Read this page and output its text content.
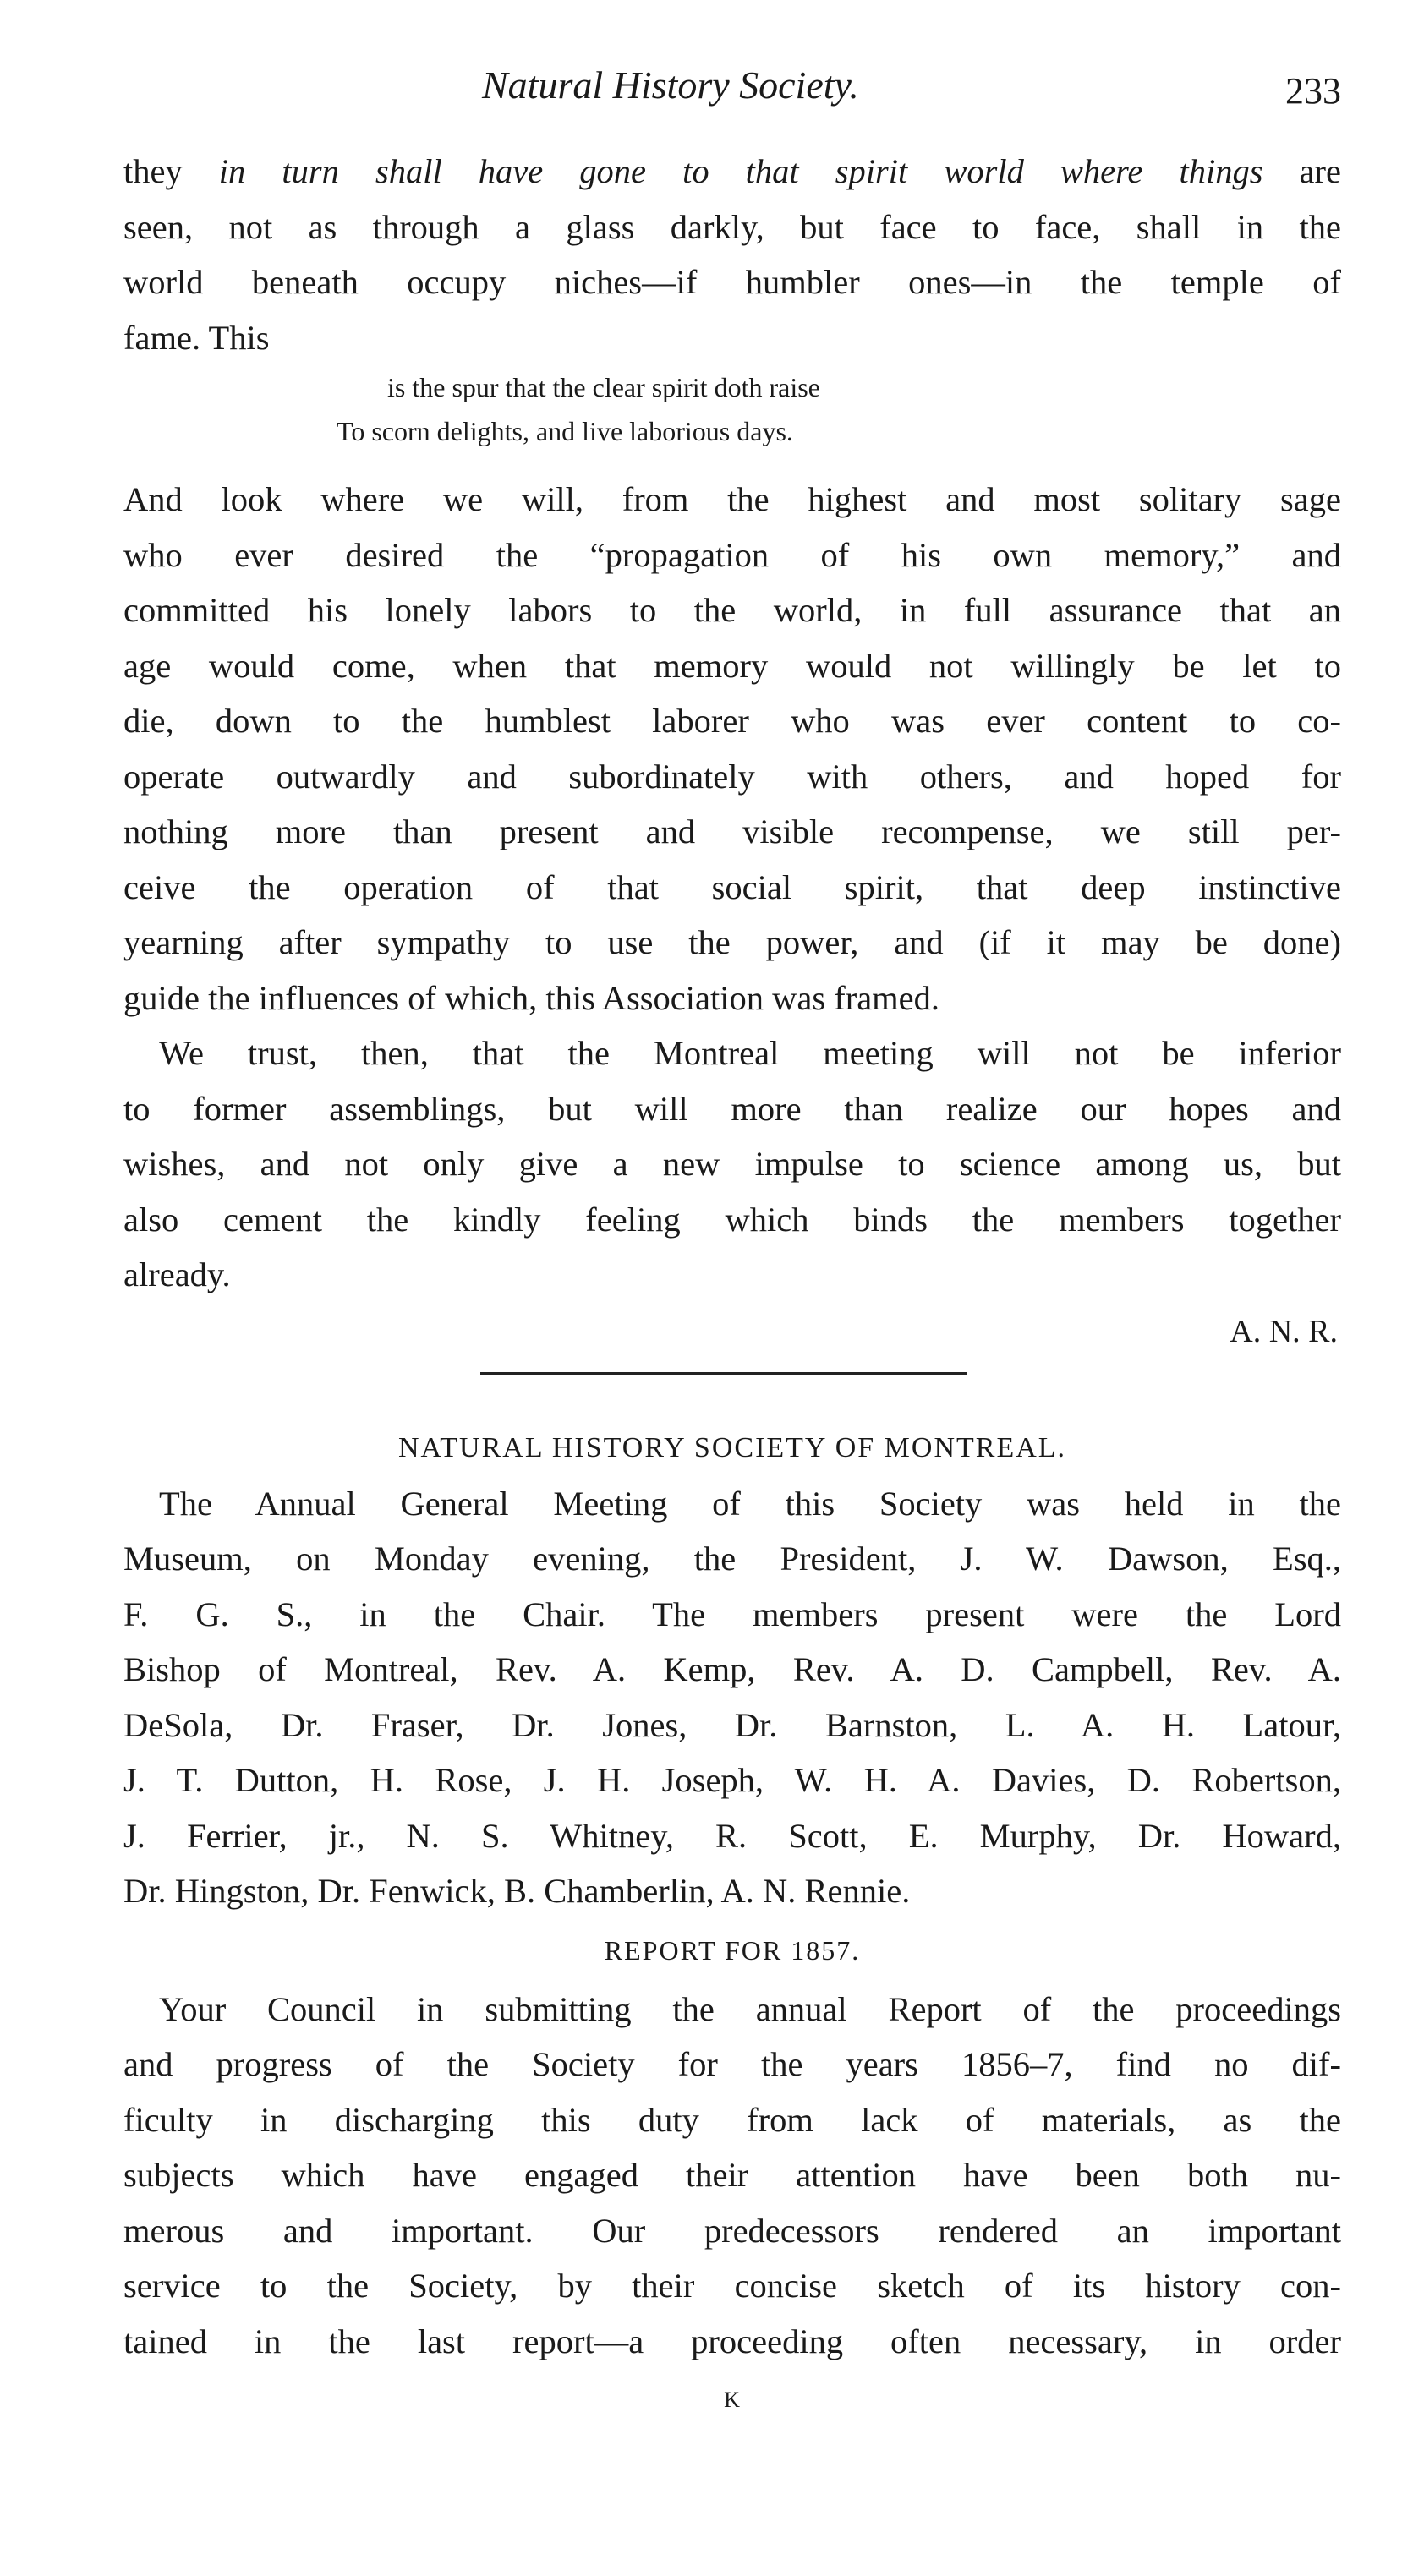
Natural History Society.	233
they in turn shall have gone to that spirit world where things are
seen, not as through a glass darkly, but face to face, shall in the
world beneath occupy niches—if humbler ones—in the temple of
fame. This
is the spur that the clear spirit doth raise
To scorn delights, and live laborious days.
And look where we will, from the highest and most solitary sage
who ever desired the “propagation of his own memory,” and
committed his lonely labors to the world, in full assurance that an
age would come, when that memory would not willingly be let to
die, down to the humblest laborer who was ever content to co-
operate outwardly and subordinately with others, and hoped for
nothing more than present and visible recompense, we still per-
ceive the operation of that social spirit, that deep instinctive
yearning after sympathy to use the power, and (if it may be done)
guide the influences of which, this Association was framed.
We trust, then, that the Montreal meeting will not be inferior
to former assemblings, but will more than realize our hopes and
wishes, and not only give a new impulse to science among us, but
also cement the kindly feeling which binds the members together
already.
A. N. R.
NATURAL HISTORY SOCIETY OF MONTREAL.
The Annual General Meeting of this Society was held in the
Museum, on Monday evening, the President, J. W. Dawson, Esq.,
F. G. S., in the Chair. The members present were the Lord
Bishop of Montreal, Rev. A. Kemp, Rev. A. D. Campbell, Rev. A.
DeSola, Dr. Fraser, Dr. Jones, Dr. Barnston, L. A. H. Latour,
J. T. Dutton, H. Rose, J. H. Joseph, W. H. A. Davies, D. Robertson,
J. Ferrier, jr., N. S. Whitney, R. Scott, E. Murphy, Dr. Howard,
Dr. Hingston, Dr. Fenwick, B. Chamberlin, A. N. Rennie.
REPORT FOR 1857.
Your Council in submitting the annual Report of the proceedings
and progress of the Society for the years 1856–7, find no dif-
ficulty in discharging this duty from lack of materials, as the
subjects which have engaged their attention have been both nu-
merous and important. Our predecessors rendered an important
service to the Society, by their concise sketch of its history con-
tained in the last report—a proceeding often necessary, in order
K
